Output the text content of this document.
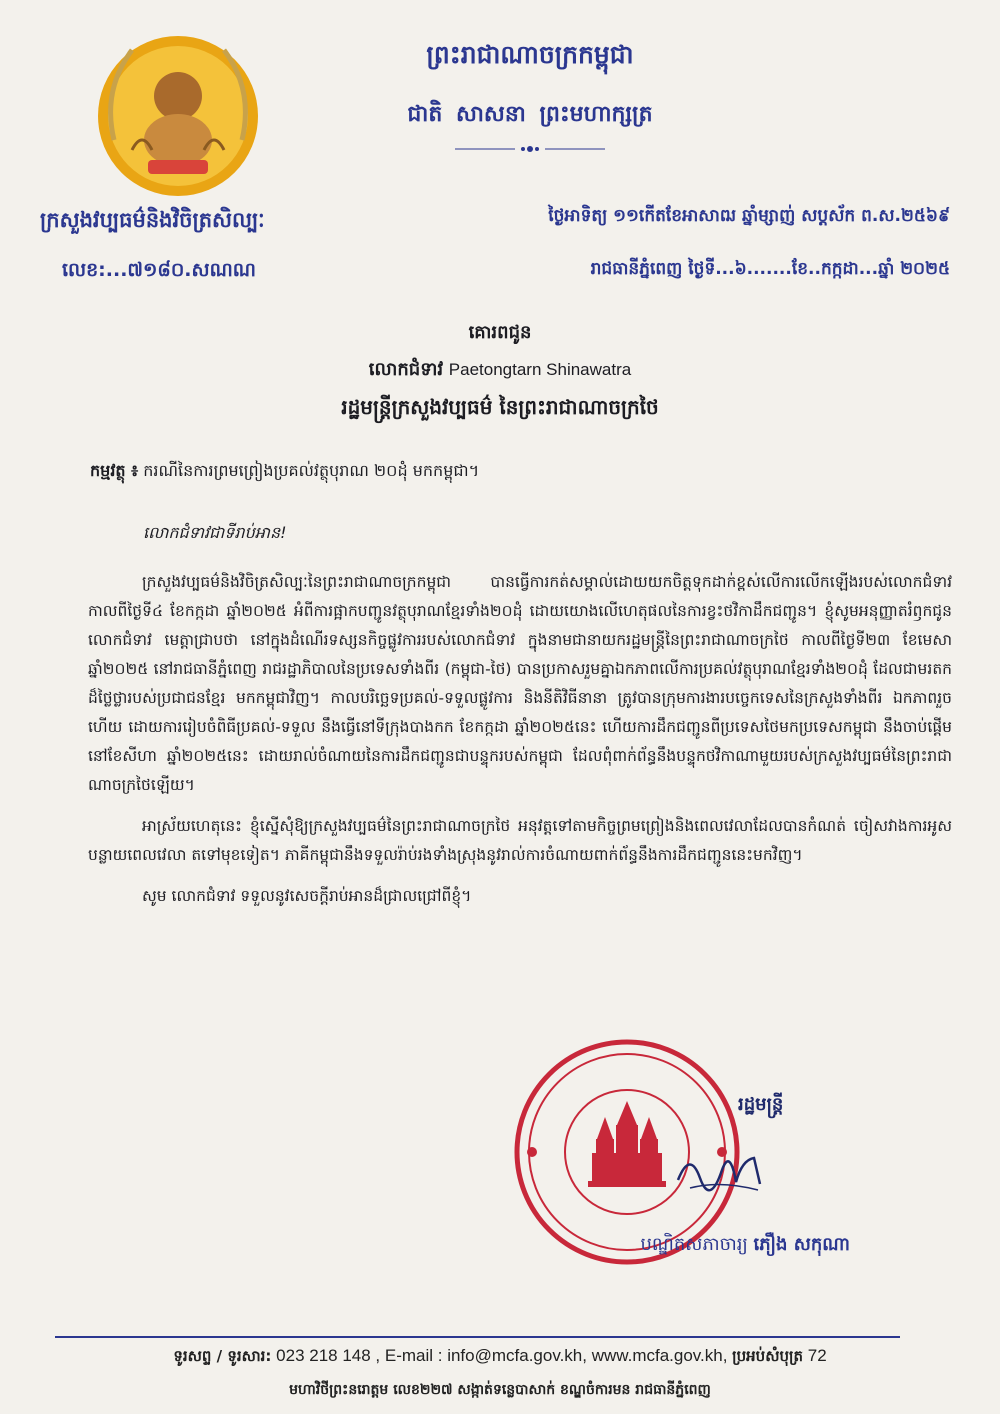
ក្រសួងវប្បធម៌និងវិចិត្រសិល្បៈ
លេខ:...៧១៨០.សណណ
ព្រះរាជាណាចក្រកម្ពុជា
ជាតិ សាសនា ព្រះមហាក្សត្រ
ថ្ងៃអាទិត្យ ១១កើតខែអាសាឍ ឆ្នាំម្សាញ់ សប្តស័ក ព.ស.២៥៦៩
រាជធានីភ្នំពេញ ថ្ងៃទី...៦.......ខែ..កក្កដា...ឆ្នាំ ២០២៥
គោរពជូន
លោកជំទាវ Paetongtarn Shinawatra
រដ្ឋមន្ត្រីក្រសួងវប្បធម៌ នៃព្រះរាជាណាចក្រថៃ
កម្មវត្ថុ ៖ ករណីនៃការព្រមព្រៀងប្រគល់វត្ថុបុរាណ ២០ដុំ មកកម្ពុជា។
លោកជំទាវជាទីរាប់អាន!

ក្រសួងវប្បធម៌និងវិចិត្រសិល្បៈនៃព្រះរាជាណាចក្រកម្ពុជា បានធ្វើការកត់សម្គាល់ដោយយកចិត្តទុកដាក់ខ្ពស់លើការលើកឡើងរបស់លោកជំទាវ កាលពីថ្ងៃទី៤ ខែកក្កដា ឆ្នាំ២០២៥ អំពីការផ្អាកបញ្ជូនវត្ថុបុរាណខ្មែរទាំង២០ដុំ ដោយយោងលើហេតុផលនៃការខ្វះថវិកាដឹកជញ្ជូន។ ខ្ញុំសូមអនុញ្ញាតរំឭកជូន លោកជំទាវ មេត្តាជ្រាបថា នៅក្នុងដំណើរទស្សនកិច្ចផ្លូវការរបស់លោកជំទាវ ក្នុងនាមជានាយករដ្ឋមន្ត្រីនៃព្រះរាជាណាចក្រថៃ កាលពីថ្ងៃទី២៣ ខែមេសា ឆ្នាំ២០២៥ នៅរាជធានីភ្នំពេញ រាជរដ្ឋាភិបាលនៃប្រទេសទាំងពីរ (កម្ពុជា-ថៃ) បានប្រកាសរួមគ្នាឯកភាពលើការប្រគល់វត្ថុបុរាណខ្មែរទាំង២០ដុំ ដែលជាមរតកដ៏ថ្លៃថ្លារបស់ប្រជាជនខ្មែរ មកកម្ពុជាវិញ។ កាលបរិច្ឆេទប្រគល់-ទទួលផ្លូវការ និងនីតិវិធីនានា ត្រូវបានក្រុមការងារបច្ចេកទេសនៃក្រសួងទាំងពីរ ឯកភាពរួចហើយ ដោយការរៀបចំពិធីប្រគល់-ទទួល នឹងធ្វើនៅទីក្រុងបាងកក ខែកក្កដា ឆ្នាំ២០២៥នេះ ហើយការដឹកជញ្ជូនពីប្រទេសថៃមកប្រទេសកម្ពុជា នឹងចាប់ផ្តើមនៅខែសីហា ឆ្នាំ២០២៥នេះ ដោយរាល់ចំណាយនៃការដឹកជញ្ជូនជាបន្ទុករបស់កម្ពុជា ដែលពុំពាក់ព័ន្ធនឹងបន្ទុកថវិកាណាមួយរបស់ក្រសួងវប្បធម៌នៃព្រះរាជាណាចក្រថៃឡើយ។

អាស្រ័យហេតុនេះ ខ្ញុំស្នើសុំឱ្យក្រសួងវប្បធម៌នៃព្រះរាជាណាចក្រថៃ អនុវត្តទៅតាមកិច្ចព្រមព្រៀងនិងពេលវេលាដែលបានកំណត់ ចៀសវាងការអូសបន្លាយពេលវេលា តទៅមុខទៀត។ ភាគីកម្ពុជានឹងទទួលរ៉ាប់រងទាំងស្រុងនូវរាល់ការចំណាយពាក់ព័ន្ធនឹងការដឹកជញ្ជូននេះមកវិញ។

សូម លោកជំទាវ ទទួលនូវសេចក្តីរាប់អានដ៏ជ្រាលជ្រៅពីខ្ញុំ។

រដ្ឋមន្ត្រី
បណ្ឌិតសភាចារ្យ ភឿង សកុណា
ទូរសព្ទ / ទូរសារ: 023 218 148 , E-mail : info@mcfa.gov.kh, www.mcfa.gov.kh, ប្រអប់សំបុត្រ 72
មហាវិថីព្រះនរោត្តម លេខ២២៧ សង្កាត់ទន្លេបាសាក់ ខណ្ឌចំការមន រាជធានីភ្នំពេញ
